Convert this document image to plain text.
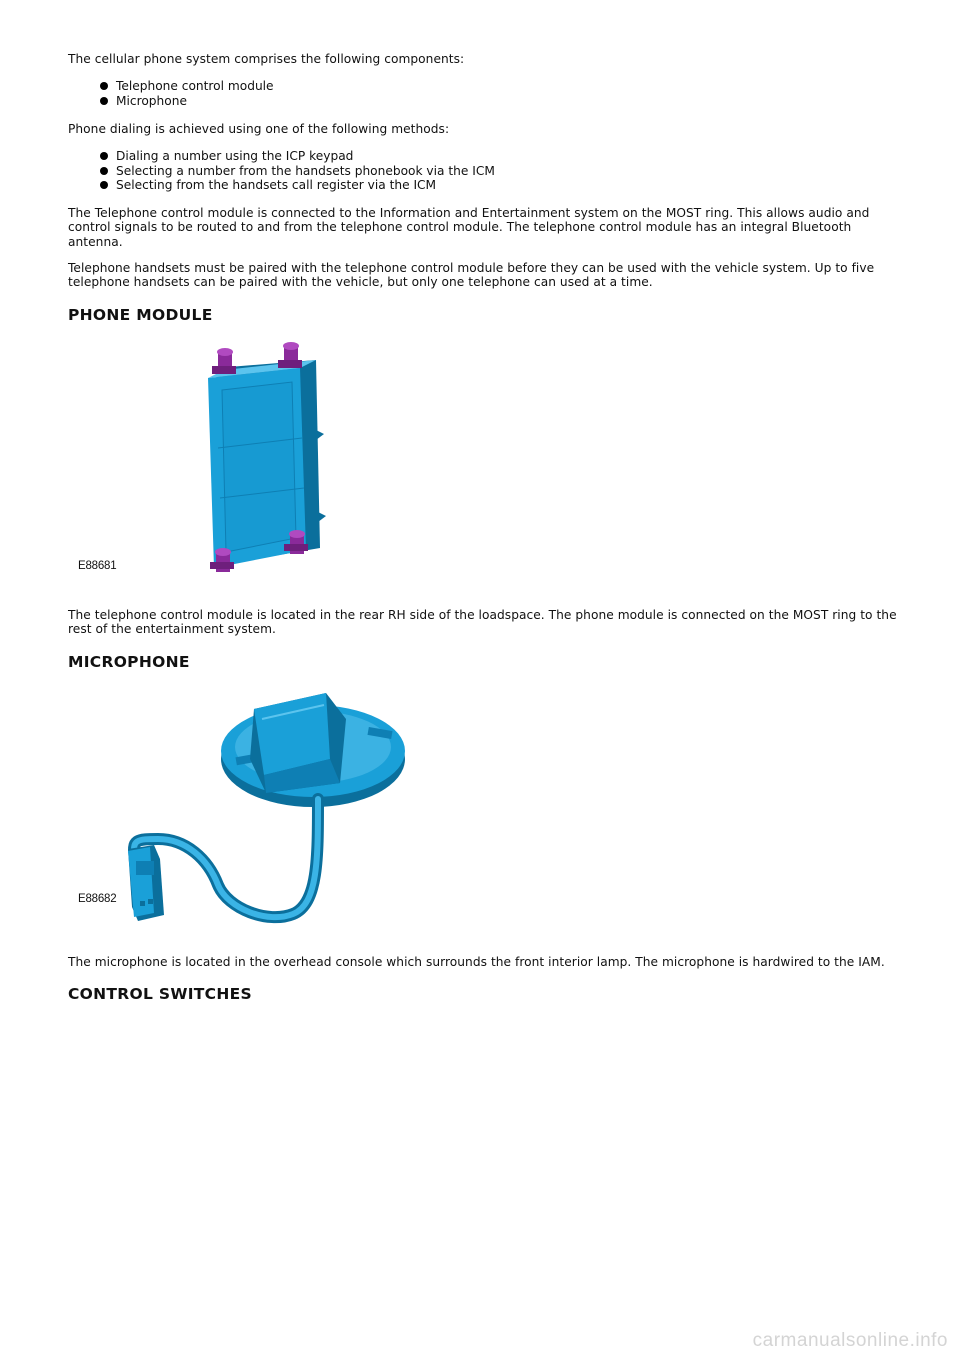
The cellular phone system comprises the following components:

Telephone control module
Microphone

Phone dialing is achieved using one of the following methods:

Dialing a number using the ICP keypad
Selecting a number from the handsets phonebook via the ICM
Selecting from the handsets call register via the ICM

The Telephone control module is connected to the Information and Entertainment system on the MOST ring. This allows audio and control signals to be routed to and from the telephone control module. The telephone control module has an integral Bluetooth antenna.

Telephone handsets must be paired with the telephone control module before they can be used with the vehicle system. Up to five telephone handsets can be paired with the vehicle, but only one telephone can used at a time.

PHONE MODULE
E88681

The telephone control module is located in the rear RH side of the loadspace. The phone module is connected on the MOST ring to the rest of the entertainment system.

MICROPHONE
E88682

The microphone is located in the overhead console which surrounds the front interior lamp. The microphone is hardwired to the IAM.

CONTROL SWITCHES
carmanualsonline.info
